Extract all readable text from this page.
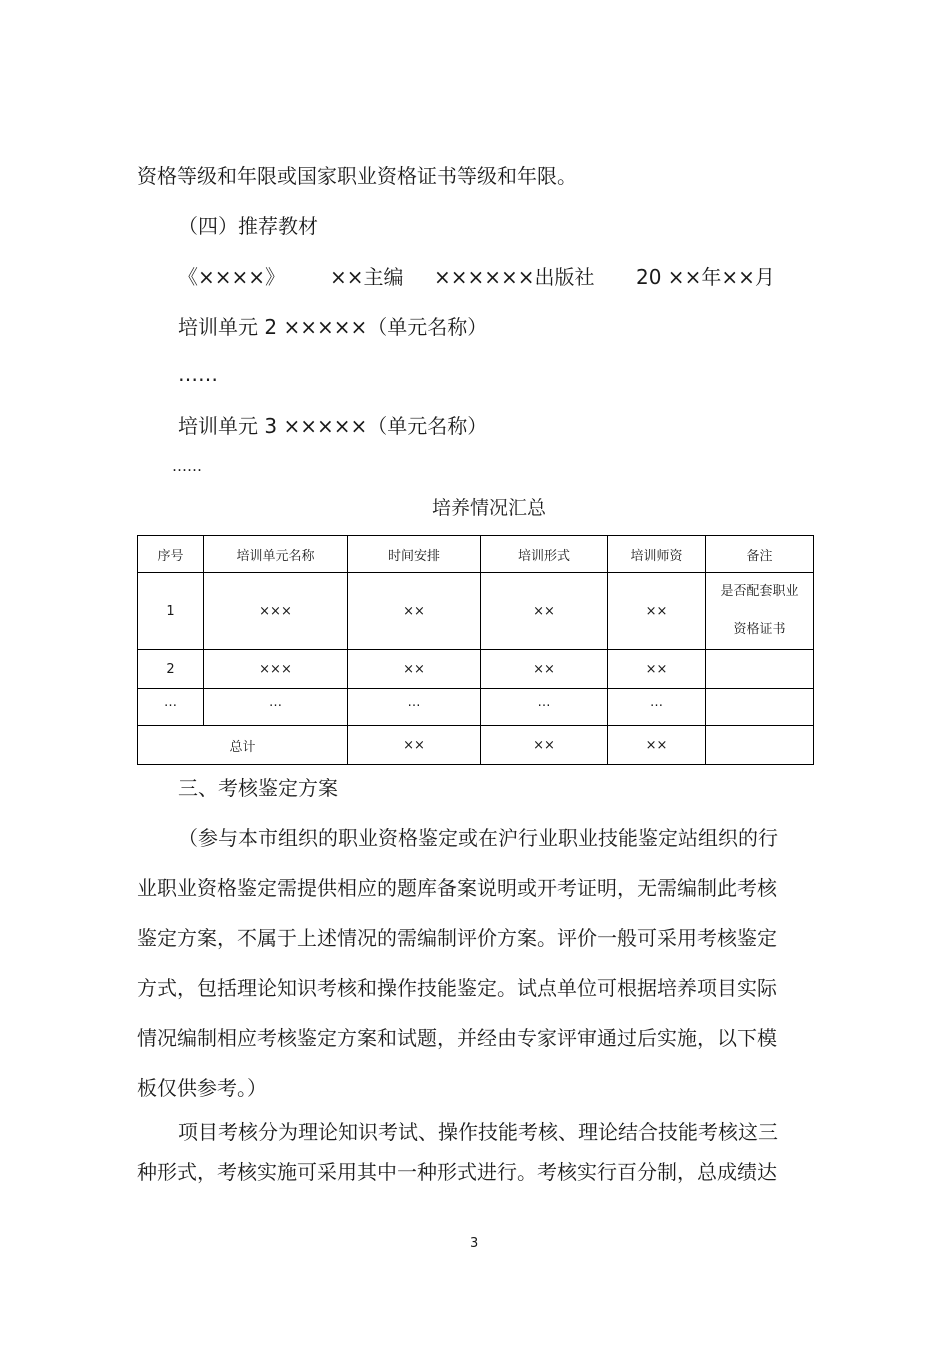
资格等级和年限或国家职业资格证书等级和年限。
（四）推荐教材
《××××》 ××主编 ××××××出版社 20 ××年××月
培训单元 2 ×××××（单元名称）
……
培训单元 3 ×××××（单元名称）
……
培养情况汇总
序号	培训单元名称	时间安排	培训形式	培训师资	备注
1	×××	××	××	××	是否配套职业
资格证书

2	×××	××	××	××	
…	…	…	…	…	
总计		××	××	××	
三、考核鉴定方案
（参与本市组织的职业资格鉴定或在沪行业职业技能鉴定站组织的行
业职业资格鉴定需提供相应的题库备案说明或开考证明，无需编制此考核
鉴定方案，不属于上述情况的需编制评价方案。评价一般可采用考核鉴定
方式，包括理论知识考核和操作技能鉴定。试点单位可根据培养项目实际
情况编制相应考核鉴定方案和试题，并经由专家评审通过后实施，以下模
板仅供参考。）
项目考核分为理论知识考试、操作技能考核、理论结合技能考核这三
种形式，考核实施可采用其中一种形式进行。考核实行百分制，总成绩达
3
